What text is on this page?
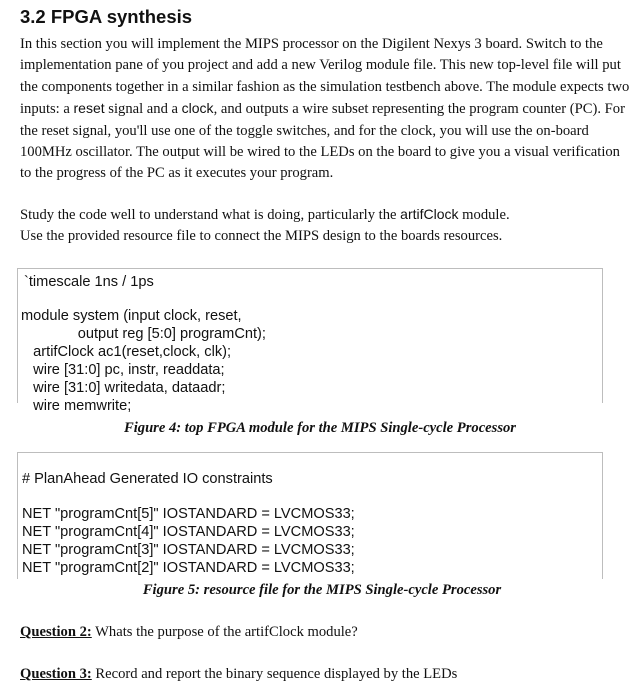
3.2 FPGA synthesis
In this section you will implement the MIPS processor on the Digilent Nexys 3 board. Switch to the implementation pane of you project and add a new Verilog module file. This new top-level file will put the components together in a similar fashion as the simulation testbench above. The module expects two inputs: a reset signal and a clock, and outputs a wire subset representing the program counter (PC). For the reset signal, you'll use one of the toggle switches, and for the clock, you will use the on-board 100MHz oscillator. The output will be wired to the LEDs on the board to give you a visual verification to the progress of the PC as it executes your program.
Study the code well to understand what is doing, particularly the artifClock module.
Use the provided resource file to connect the MIPS design to the boards resources.
`timescale 1ns / 1ps
module system (input clock, reset,
output reg [5:0] programCnt);
artifClock ac1(reset,clock, clk);
wire [31:0] pc, instr, readdata;
wire [31:0] writedata, dataadr;
wire memwrite;
Figure 4: top FPGA module for the MIPS Single-cycle Processor
# PlanAhead Generated IO constraints
NET "programCnt[5]" IOSTANDARD = LVCMOS33;
NET "programCnt[4]" IOSTANDARD = LVCMOS33;
NET "programCnt[3]" IOSTANDARD = LVCMOS33;
NET "programCnt[2]" IOSTANDARD = LVCMOS33;
Figure 5: resource file for the MIPS Single-cycle Processor
Question 2: Whats the purpose of the artifClock module?
Question 3: Record and report the binary sequence displayed by the LEDs
